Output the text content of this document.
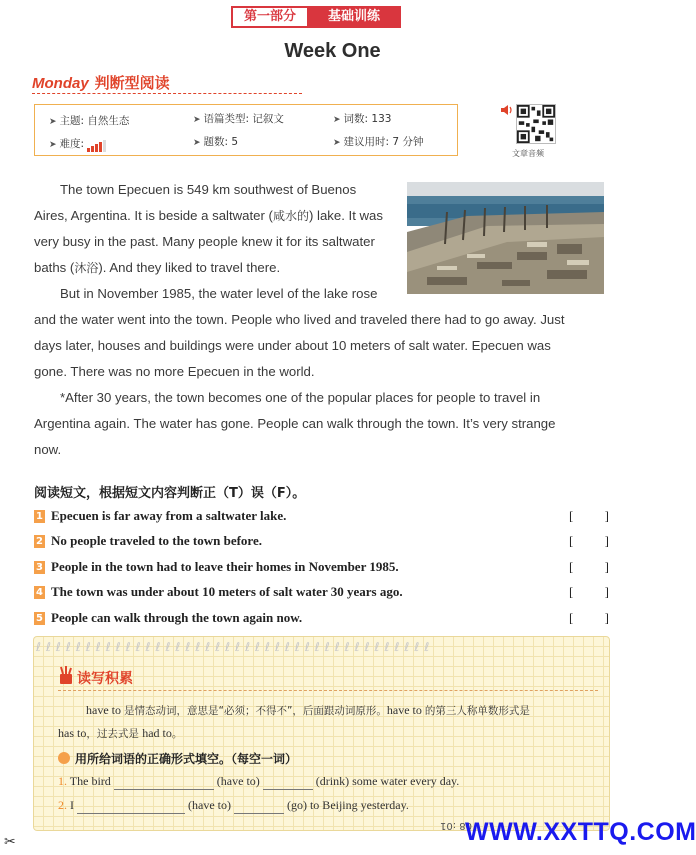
第一部分	基础训练
Week One
Monday 判断型阅读
➤ 主题: 自然生态	➤ 语篇类型: 记叙文	➤ 词数: 133
➤ 难度:	➤ 题数: 5	➤ 建议用时: 7 分钟
文章音频
The town Epecuen is 549 km southwest of Buenos
Aires, Argentina. It is beside a saltwater (咸水的) lake. It was
very busy in the past. Many people knew it for its saltwater
baths (沐浴). And they liked to travel there.
But in November 1985, the water level of the lake rose
and the water went into the town. People who lived and traveled there had to go away. Just
days later, houses and buildings were under about 10 meters of salt water. Epecuen was
gone. There was no more Epecuen in the world.
*After 30 years, the town becomes one of the popular places for people to travel in
Argentina again. The water has gone. People can walk through the town. It’s very strange
now.
阅读短文，根据短文内容判断正（T）误（F）。
1 Epecuen is far away from a saltwater lake.	[ ]
2 No people traveled to the town before.	[ ]
3 People in the town had to leave their homes in November 1985.	[ ]
4 The town was under about 10 meters of salt water 30 years ago.	[ ]
5 People can walk through the town again now.	[ ]
ℓℓℓℓℓℓℓℓℓℓℓℓℓℓℓℓℓℓℓℓℓℓℓℓℓℓℓℓℓℓℓℓℓℓℓℓℓℓℓℓ
读写积累
have to 是情态动词，意思是“必须；不得不”，后面跟动词原形。have to 的第三人称单数形式是
has to，过去式是 had to。
用所给词语的正确形式填空。（每空一词）
1. The bird	(have to)	(drink) some water every day.
2. I	(have to)	(go) to Beijing yesterday.
08 :01
WWW.XXTTQ.COM
✂
